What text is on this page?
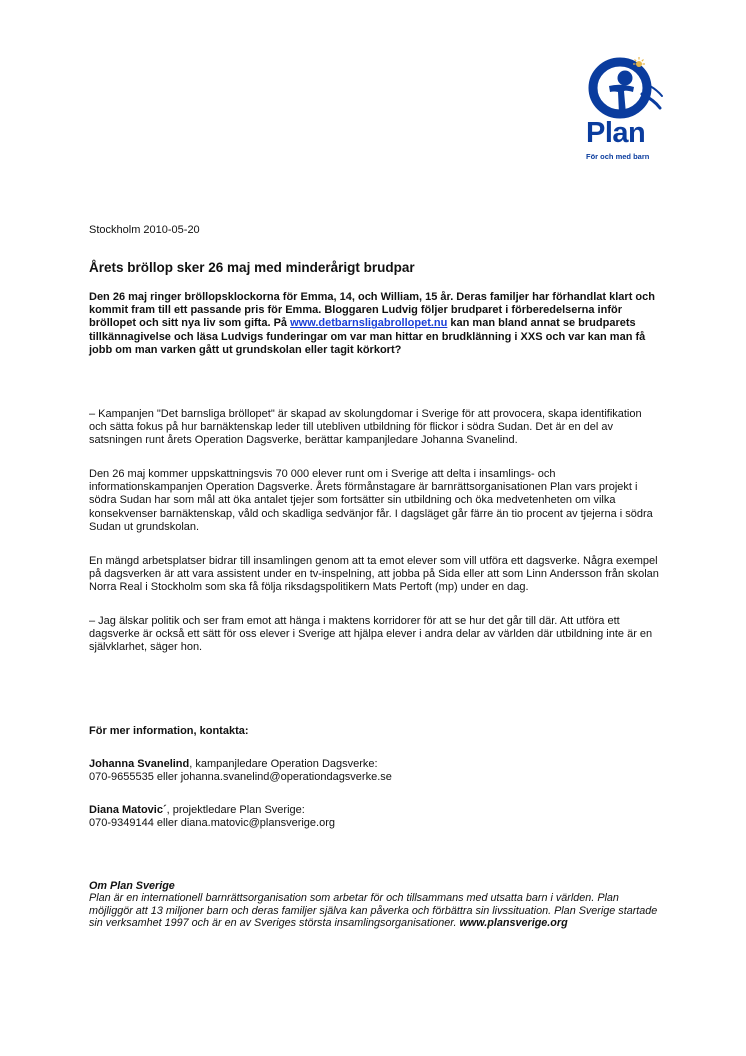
Plan
För och med barn
Stockholm 2010-05-20
Årets bröllop sker 26 maj med minderårigt brudpar

Den 26 maj ringer bröllopsklockorna för Emma, 14, och William, 15 år. Deras familjer har förhandlat klart och kommit fram till ett passande pris för Emma. Bloggaren Ludvig följer brudparet i förberedelserna inför bröllopet och sitt nya liv som gifta. På www.detbarnsligabrollopet.nu kan man bland annat se brudparets tillkännagivelse och läsa Ludvigs funderingar om var man hittar en brudklänning i XXS och var kan man få jobb om man varken gått ut grundskolan eller tagit körkort?

– Kampanjen "Det barnsliga bröllopet" är skapad av skolungdomar i Sverige för att provocera, skapa identifikation och sätta fokus på hur barnäktenskap leder till utebliven utbildning för flickor i södra Sudan. Det är en del av satsningen runt årets Operation Dagsverke, berättar kampanjledare Johanna Svanelind.

Den 26 maj kommer uppskattningsvis 70 000 elever runt om i Sverige att delta i insamlings- och informationskampanjen Operation Dagsverke. Årets förmånstagare är barnrättsorganisationen Plan vars projekt i södra Sudan har som mål att öka antalet tjejer som fortsätter sin utbildning och öka medvetenheten om vilka konsekvenser barnäktenskap, våld och skadliga sedvänjor får. I dagsläget går färre än tio procent av tjejerna i södra Sudan ut grundskolan.

En mängd arbetsplatser bidrar till insamlingen genom att ta emot elever som vill utföra ett dagsverke. Några exempel på dagsverken är att vara assistent under en tv-inspelning, att jobba på Sida eller att som Linn Andersson från skolan Norra Real i Stockholm som ska få följa riksdagspolitikern Mats Pertoft (mp) under en dag.

– Jag älskar politik och ser fram emot att hänga i maktens korridorer för att se hur det går till där. Att utföra ett dagsverke är också ett sätt för oss elever i Sverige att hjälpa elever i andra delar av världen där utbildning inte är en självklarhet, säger hon.

För mer information, kontakta:
Johanna Svanelind, kampanjledare Operation Dagsverke:
070-9655535 eller johanna.svanelind@operationdagsverke.se
Diana Matovic´, projektledare Plan Sverige:
070-9349144 eller diana.matovic@plansverige.org
Om Plan Sverige
Plan är en internationell barnrättsorganisation som arbetar för och tillsammans med utsatta barn i världen. Plan möjliggör att 13 miljoner barn och deras familjer själva kan påverka och förbättra sin livssituation. Plan Sverige startade sin verksamhet 1997 och är en av Sveriges största insamlingsorganisationer. www.plansverige.org
